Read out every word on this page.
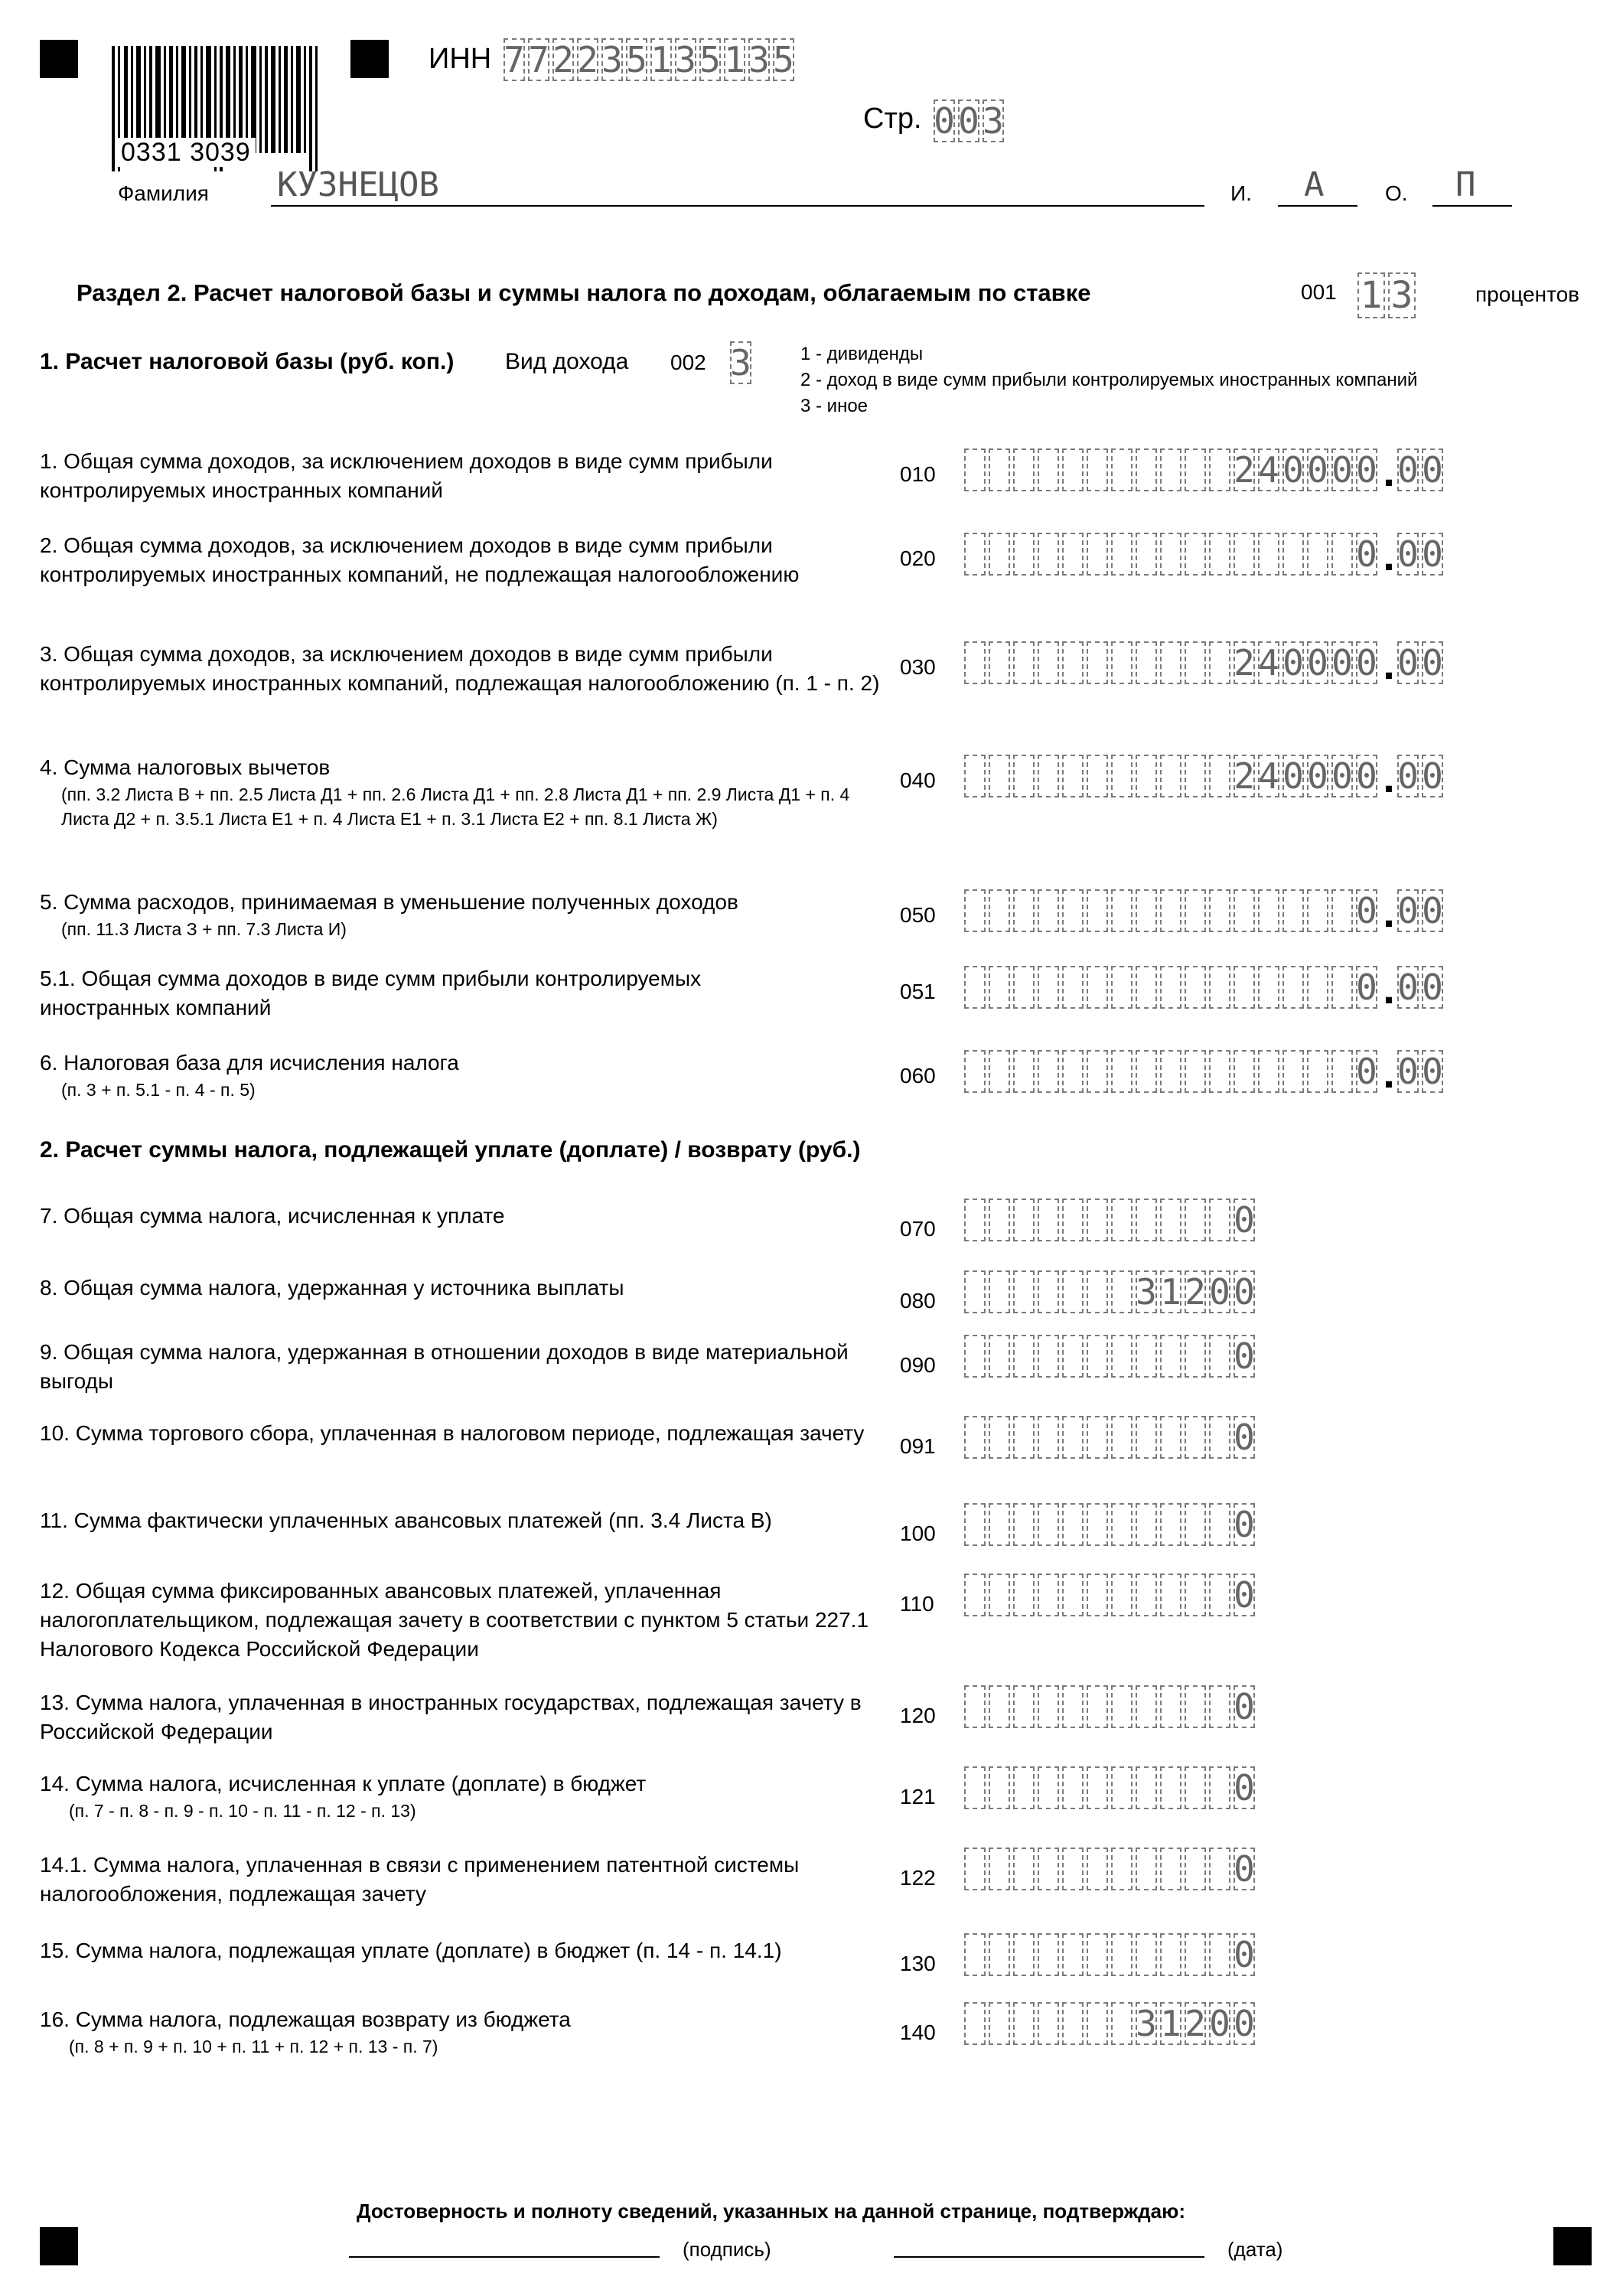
0331 3039
ИНН 7 7 2 2 3 5 1 3 5 1 3 5
Стр. 0 0 3
Фамилия КУЗНЕЦОВ	И. А	О. П
Раздел 2. Расчет налоговой базы и суммы налога по доходам, облагаемым по ставке	001 1 3	процентов
1. Расчет налоговой базы (руб. коп.) Вид дохода 002 3	1 - дивиденды
2 - доход в виде сумм прибыли контролируемых иностранных компаний
3 - иное
1. Общая сумма доходов, за исключением доходов в виде сумм прибыли контролируемых иностранных компаний
010	2 4 0 0 0 0 . 0 0
2. Общая сумма доходов, за исключением доходов в виде сумм прибыли контролируемых иностранных компаний, не подлежащая налогообложению
020	0 . 0 0
3. Общая сумма доходов, за исключением доходов в виде сумм прибыли контролируемых иностранных компаний, подлежащая налогообложению (п. 1 - п. 2)
030	2 4 0 0 0 0 . 0 0
4. Сумма налоговых вычетов
(пп. 3.2 Листа В + пп. 2.5 Листа Д1 + пп. 2.6 Листа Д1 + пп. 2.8 Листа Д1 + пп. 2.9 Листа Д1 + п. 4 Листа Д2 + п. 3.5.1 Листа Е1 + п. 4 Листа Е1 + п. 3.1 Листа Е2 + пп. 8.1 Листа Ж)
040	2 4 0 0 0 0 . 0 0
5. Сумма расходов, принимаемая в уменьшение полученных доходов
(пп. 11.3 Листа З + пп. 7.3 Листа И)
050	0 . 0 0
5.1. Общая сумма доходов в виде сумм прибыли контролируемых иностранных компаний
051	0 . 0 0
6. Налоговая база для исчисления налога
(п. 3 + п. 5.1 - п. 4 - п. 5)
060	0 . 0 0
2. Расчет суммы налога, подлежащей уплате (доплате) / возврату (руб.)
7. Общая сумма налога, исчисленная к уплате
070	0
8. Общая сумма налога, удержанная у источника выплаты
080	3 1 2 0 0
9. Общая сумма налога, удержанная в отношении доходов в виде материальной выгоды
090	0
10. Сумма торгового сбора, уплаченная в налоговом периоде, подлежащая зачету
091	0
11. Сумма фактически уплаченных авансовых платежей (пп. 3.4 Листа В)
100	0
12. Общая сумма фиксированных авансовых платежей, уплаченная налогоплательщиком, подлежащая зачету в соответствии с пунктом 5 статьи 227.1 Налогового Кодекса Российской Федерации
110	0
13. Сумма налога, уплаченная в иностранных государствах, подлежащая зачету в Российской Федерации
120	0
14. Сумма налога, исчисленная к уплате (доплате) в бюджет
(п. 7 - п. 8 - п. 9 - п. 10 - п. 11 - п. 12 - п. 13)
121	0
14.1. Сумма налога, уплаченная в связи с применением патентной системы налогообложения, подлежащая зачету
122	0
15. Сумма налога, подлежащая уплате (доплате) в бюджет (п. 14 - п. 14.1)
130	0
16. Сумма налога, подлежащая возврату из бюджета
(п. 8 + п. 9 + п. 10 + п. 11 + п. 12 + п. 13 - п. 7)
140	3 1 2 0 0
Достоверность и полноту сведений, указанных на данной странице, подтверждаю:
(подпись)	(дата)
